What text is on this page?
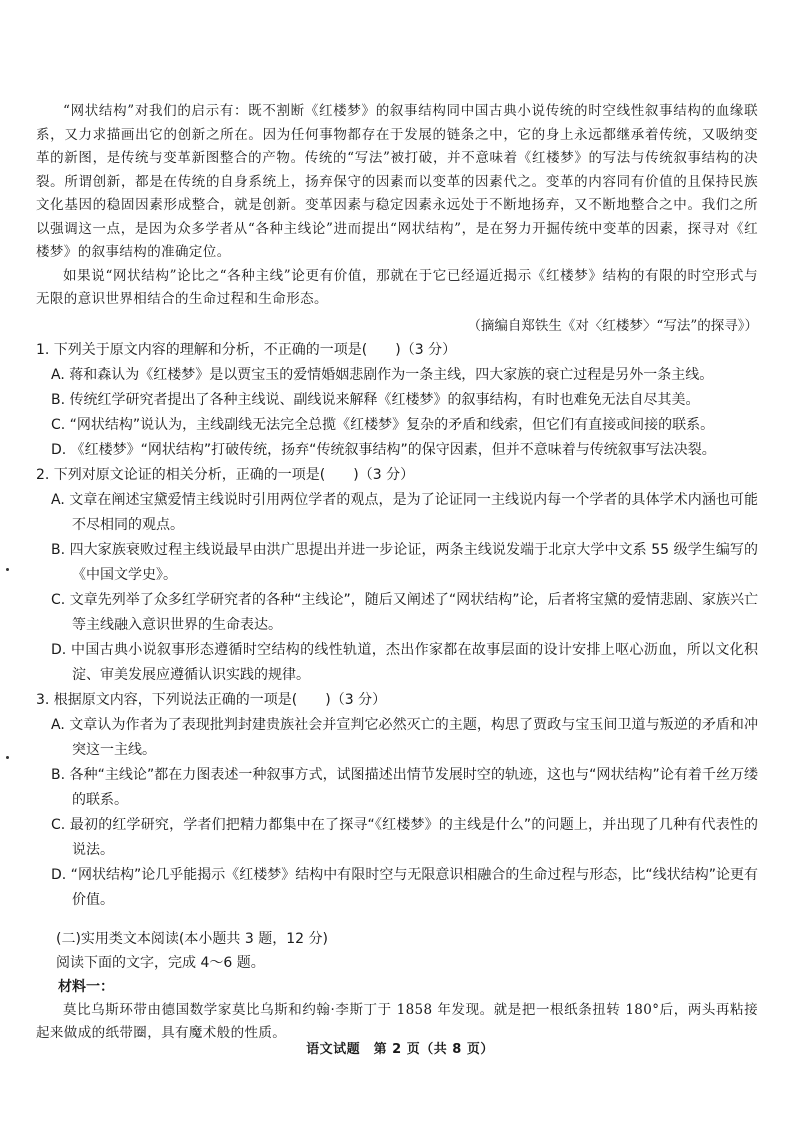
“网状结构”对我们的启示有：既不割断《红楼梦》的叙事结构同中国古典小说传统的时空线性叙事结构的血缘联系，又力求描画出它的创新之所在。因为任何事物都存在于发展的链条之中，它的身上永远都继承着传统，又吸纳变革的新图，是传统与变革新图整合的产物。传统的“写法”被打破，并不意味着《红楼梦》的写法与传统叙事结构的决裂。所谓创新，都是在传统的自身系统上，扬弃保守的因素而以变革的因素代之。变革的内容同有价值的且保持民族文化基因的稳固因素形成整合，就是创新。变革因素与稳定因素永远处于不断地扬弃，又不断地整合之中。我们之所以强调这一点，是因为众多学者从“各种主线论”进而提出“网状结构”，是在努力开掘传统中变革的因素，探寻对《红楼梦》的叙事结构的准确定位。

如果说“网状结构”论比之“各种主线”论更有价值，那就在于它已经逼近揭示《红楼梦》结构的有限的时空形式与无限的意识世界相结合的生命过程和生命形态。

（摘编自郑铁生《对〈红楼梦〉“写法”的探寻》）

1. 下列关于原文内容的理解和分析，不正确的一项是(　　)（3 分）

A. 蒋和森认为《红楼梦》是以贾宝玉的爱情婚姻悲剧作为一条主线，四大家族的衰亡过程是另外一条主线。

B. 传统红学研究者提出了各种主线说、副线说来解释《红楼梦》的叙事结构，有时也难免无法自尽其美。

C. “网状结构”说认为，主线副线无法完全总揽《红楼梦》复杂的矛盾和线索，但它们有直接或间接的联系。

D. 《红楼梦》“网状结构”打破传统，扬弃“传统叙事结构”的保守因素，但并不意味着与传统叙事写法决裂。

2. 下列对原文论证的相关分析，正确的一项是(　　)（3 分）

A. 文章在阐述宝黛爱情主线说时引用两位学者的观点，是为了论证同一主线说内每一个学者的具体学术内涵也可能不尽相同的观点。

B. 四大家族衰败过程主线说最早由洪广思提出并进一步论证，两条主线说发端于北京大学中文系 55 级学生编写的《中国文学史》。

C. 文章先列举了众多红学研究者的各种“主线论”，随后又阐述了“网状结构”论，后者将宝黛的爱情悲剧、家族兴亡等主线融入意识世界的生命表达。

D. 中国古典小说叙事形态遵循时空结构的线性轨道，杰出作家都在故事层面的设计安排上呕心沥血，所以文化积淀、审美发展应遵循认识实践的规律。

3. 根据原文内容，下列说法正确的一项是(　　)（3 分）

A. 文章认为作者为了表现批判封建贵族社会并宣判它必然灭亡的主题，构思了贾政与宝玉间卫道与叛逆的矛盾和冲突这一主线。

B. 各种“主线论”都在力图表述一种叙事方式，试图描述出情节发展时空的轨迹，这也与“网状结构”论有着千丝万缕的联系。

C. 最初的红学研究，学者们把精力都集中在了探寻“《红楼梦》的主线是什么”的问题上，并出现了几种有代表性的说法。

D. “网状结构”论几乎能揭示《红楼梦》结构中有限时空与无限意识相融合的生命过程与形态，比“线状结构”论更有价值。

(二)实用类文本阅读(本小题共 3 题，12 分)

阅读下面的文字，完成 4～6 题。

材料一：

莫比乌斯环带由德国数学家莫比乌斯和约翰·李斯丁于 1858 年发现。就是把一根纸条扭转 180°后，两头再粘接起来做成的纸带圈，具有魔术般的性质。

语文试题　第 2 页（共 8 页）
